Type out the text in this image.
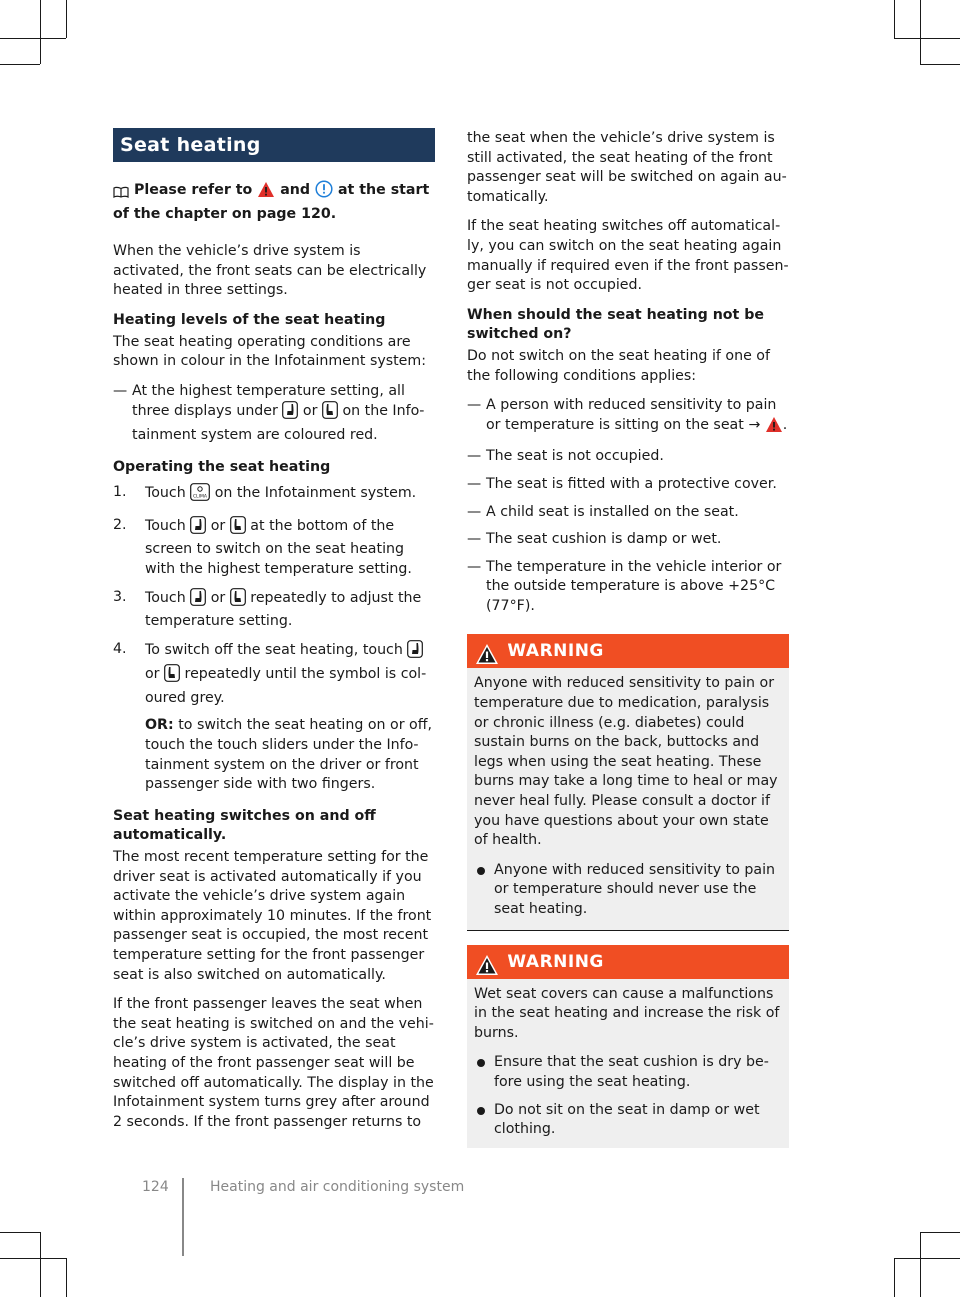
Seat heating

Please refer to and at the start of the chapter on page 120.

When the vehicle’s drive system is activated, the front seats can be electrically heated in three settings.

Heating levels of the seat heating

The seat heating operating conditions are shown in colour in the Infotainment system:

— At the highest temperature setting, all three displays under or on the Infotainment system are coloured red.

Operating the seat heating

1. Touch CLIMA on the Infotainment system.
2. Touch or at the bottom of the screen to switch on the seat heating with the highest temperature setting.
3. Touch or repeatedly to adjust the temperature setting.
4. To switch off the seat heating, touch  or repeatedly until the symbol is coloured grey.
OR: to switch the seat heating on or off, touch the touch sliders under the Infotainment system on the driver or front passenger side with two fingers.

Seat heating switches on and off automatically.

The most recent temperature setting for the driver seat is activated automatically if you activate the vehicle’s drive system again within approximately 10 minutes. If the front passenger seat is occupied, the most recent temperature setting for the front passenger seat is also switched on automatically.

If the front passenger leaves the seat when the seat heating is switched on and the vehicle’s drive system is activated, the seat heating of the front passenger seat will be switched off automatically. The display in the Infotainment system turns grey after around 2 seconds. If the front passenger returns to

the seat when the vehicle’s drive system is still activated, the seat heating of the front passenger seat will be switched on again automatically.

If the seat heating switches off automatically, you can switch on the seat heating again manually if required even if the front passenger seat is not occupied.

When should the seat heating not be switched on?

Do not switch on the seat heating if one of the following conditions applies:

— A person with reduced sensitivity to pain or temperature is sitting on the seat → .
— The seat is not occupied.
— The seat is fitted with a protective cover.
— A child seat is installed on the seat.
— The seat cushion is damp or wet.
— The temperature in the vehicle interior or the outside temperature is above +25°C (77°F).
WARNING

Anyone with reduced sensitivity to pain or temperature due to medication, paralysis or chronic illness (e.g. diabetes) could sustain burns on the back, buttocks and legs when using the seat heating. These burns may take a long time to heal or may never heal fully. Please consult a doctor if you have questions about your own state of health.

Anyone with reduced sensitivity to pain or temperature should never use the seat heating.
WARNING

Wet seat covers can cause a malfunctions in the seat heating and increase the risk of burns.

Ensure that the seat cushion is dry before using the seat heating.
Do not sit on the seat in damp or wet clothing.
124	Heating and air conditioning system
